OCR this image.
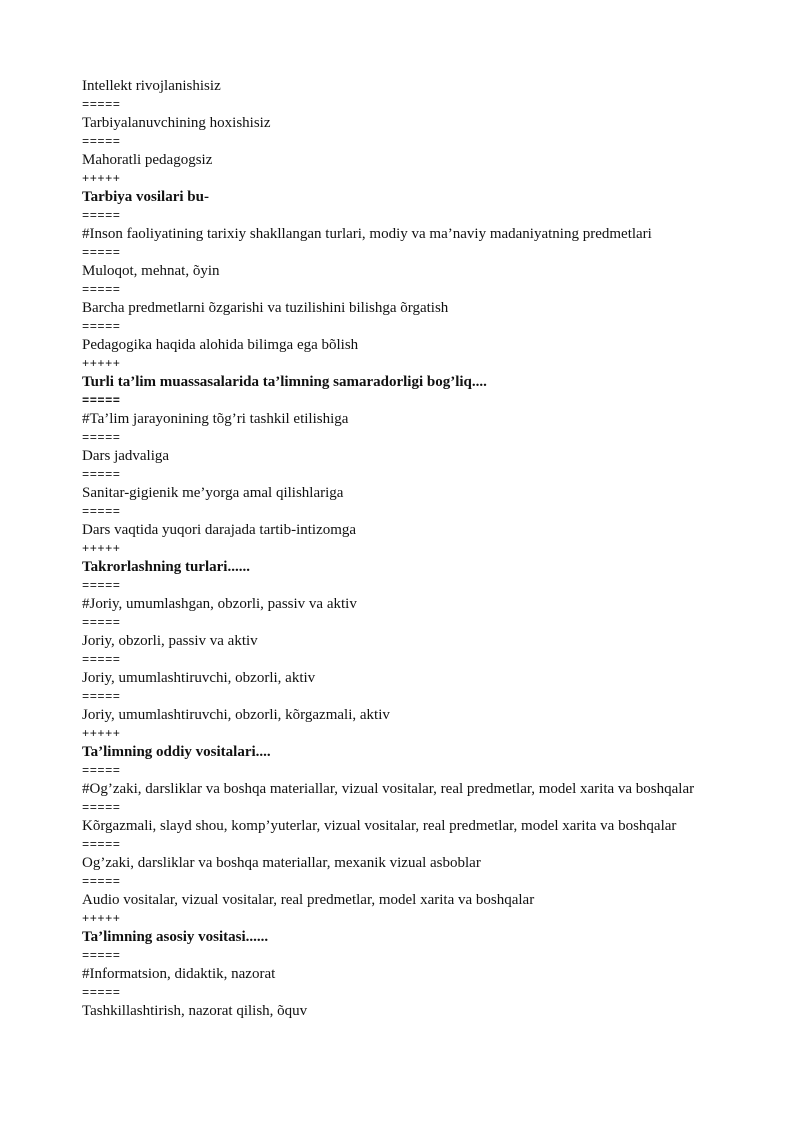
Intellekt rivojlanishisiz

=====

Tarbiyalanuvchining hoxishisiz

=====

Mahoratli pedagogsiz

+++++

Tarbiya vosilari bu-

=====

#Inson faoliyatining tarixiy shakllangan turlari, modiy va ma’naviy madaniyatning predmetlari

=====

Muloqot, mehnat, õyin

=====

Barcha predmetlarni õzgarishi va tuzilishini bilishga õrgatish

=====

Pedagogika haqida alohida bilimga ega bõlish

+++++

Turli ta’lim muassasalarida ta’limning samaradorligi bog’liq....

=====

#Ta’lim jarayonining tõg’ri tashkil etilishiga

=====

Dars jadvaliga

=====

Sanitar-gigienik me’yorga amal qilishlariga

=====

Dars vaqtida yuqori darajada tartib-intizomga

+++++

Takrorlashning turlari......

=====

#Joriy, umumlashgan, obzorli, passiv va aktiv

=====

Joriy, obzorli, passiv va aktiv

=====

Joriy, umumlashtiruvchi, obzorli, aktiv

=====

Joriy, umumlashtiruvchi, obzorli, kõrgazmali, aktiv

+++++

Ta’limning oddiy vositalari....

=====

#Og’zaki, darsliklar va boshqa materiallar, vizual vositalar, real predmetlar, model xarita va boshqalar

=====

Kõrgazmali, slayd shou, komp’yuterlar, vizual vositalar, real predmetlar, model xarita va boshqalar

=====

Og’zaki, darsliklar va boshqa materiallar, mexanik vizual asboblar

=====

Audio vositalar, vizual vositalar, real predmetlar, model xarita va boshqalar

+++++

Ta’limning asosiy vositasi......

=====

#Informatsion, didaktik, nazorat

=====

Tashkillashtirish, nazorat qilish, õquv
